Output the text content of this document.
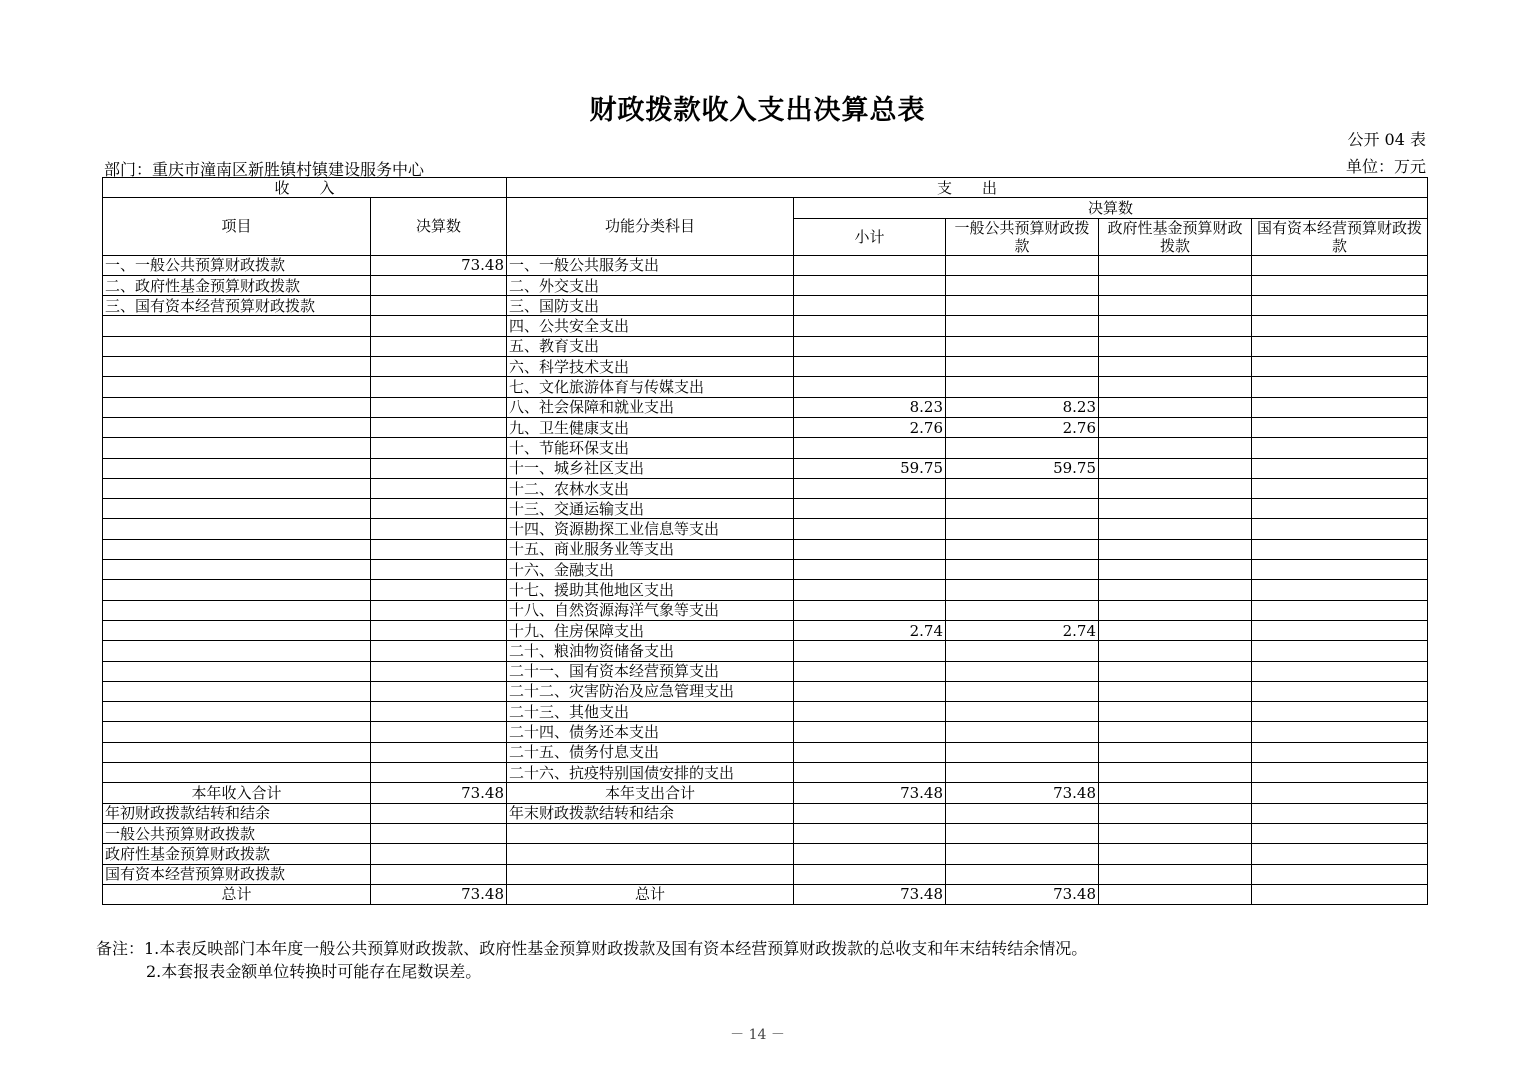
财政拨款收入支出决算总表
公开 04 表
部门：重庆市潼南区新胜镇村镇建设服务中心	单位：万元
收　　入		支　　出				
项目	决算数	功能分类科目	决算数			
			小计	一般公共预算财政拨款	政府性基金预算财政拨款	国有资本经营预算财政拨款
一、一般公共预算财政拨款	73.48	一、一般公共服务支出				
二、政府性基金预算财政拨款		二、外交支出				
三、国有资本经营预算财政拨款		三、国防支出				
		四、公共安全支出				
		五、教育支出				
		六、科学技术支出				
		七、文化旅游体育与传媒支出				
		八、社会保障和就业支出	8.23	8.23		
		九、卫生健康支出	2.76	2.76		
		十、节能环保支出				
		十一、城乡社区支出	59.75	59.75		
		十二、农林水支出				
		十三、交通运输支出				
		十四、资源勘探工业信息等支出				
		十五、商业服务业等支出				
		十六、金融支出				
		十七、援助其他地区支出				
		十八、自然资源海洋气象等支出				
		十九、住房保障支出	2.74	2.74		
		二十、粮油物资储备支出				
		二十一、国有资本经营预算支出				
		二十二、灾害防治及应急管理支出				
		二十三、其他支出				
		二十四、债务还本支出				
		二十五、债务付息支出				
		二十六、抗疫特别国债安排的支出				
本年收入合计	73.48	本年支出合计	73.48	73.48		
年初财政拨款结转和结余		年末财政拨款结转和结余				
一般公共预算财政拨款						
政府性基金预算财政拨款						
国有资本经营预算财政拨款						
总计	73.48	总计	73.48	73.48		
备注：1.本表反映部门本年度一般公共预算财政拨款、政府性基金预算财政拨款及国有资本经营预算财政拨款的总收支和年末结转结余情况。
2.本套报表金额单位转换时可能存在尾数误差。
－ 14 －
